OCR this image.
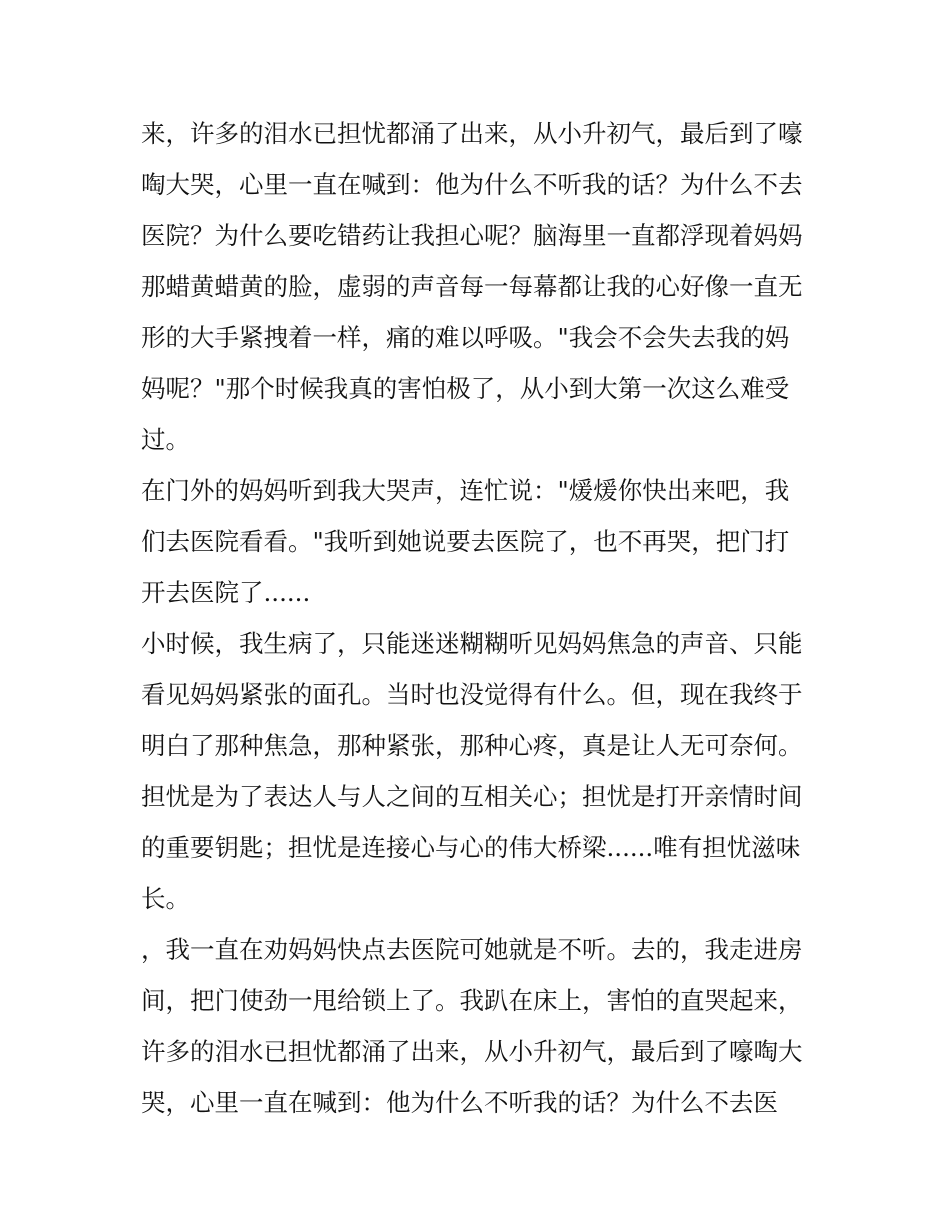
来，许多的泪水已担忧都涌了出来，从小升初气，最后到了嚎
啕大哭，心里一直在喊到：他为什么不听我的话？为什么不去
医院？为什么要吃错药让我担心呢？脑海里一直都浮现着妈妈
那蜡黄蜡黄的脸，虚弱的声音每一每幕都让我的心好像一直无
形的大手紧拽着一样，痛的难以呼吸。"我会不会失去我的妈
妈呢？"那个时候我真的害怕极了，从小到大第一次这么难受
过。
在门外的妈妈听到我大哭声，连忙说："煖煖你快出来吧，我
们去医院看看。"我听到她说要去医院了，也不再哭，把门打
开去医院了......
小时候，我生病了，只能迷迷糊糊听见妈妈焦急的声音、只能
看见妈妈紧张的面孔。当时也没觉得有什么。但，现在我终于
明白了那种焦急，那种紧张，那种心疼，真是让人无可奈何。
担忧是为了表达人与人之间的互相关心；担忧是打开亲情时间
的重要钥匙；担忧是连接心与心的伟大桥梁......唯有担忧滋味
长。
，我一直在劝妈妈快点去医院可她就是不听。去的，我走进房
间，把门使劲一甩给锁上了。我趴在床上，害怕的直哭起来，
许多的泪水已担忧都涌了出来，从小升初气，最后到了嚎啕大
哭，心里一直在喊到：他为什么不听我的话？为什么不去医
